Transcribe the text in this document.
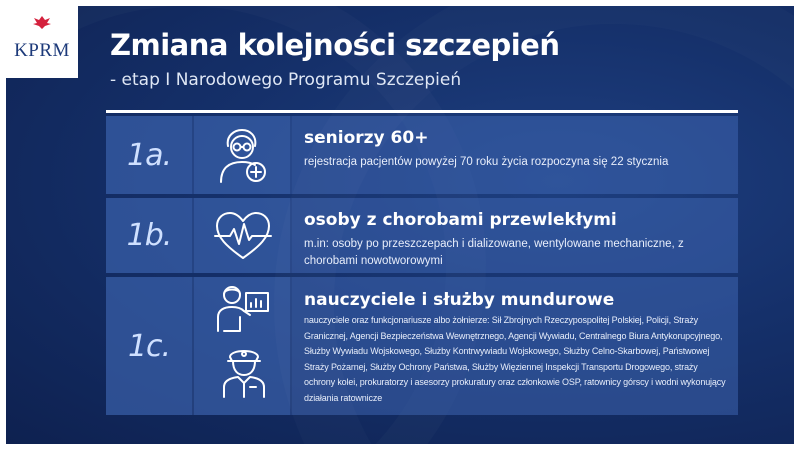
KPRM Zmiana kolejności szczepień
- etap I Narodowego Programu Szczepień
1a.	seniorzy 60+

rejestracja pacjentów powyżej 70 roku życia rozpoczyna się 22 stycznia

1b.	osoby z chorobami przewlekłymi

m.in: osoby po przeszczepach i dializowane, wentylowane mechaniczne, z chorobami nowotworowymi

1c.
nauczyciele i służby mundurowe

nauczyciele oraz funkcjonariusze albo żołnierze: Sił Zbrojnych Rzeczypospolitej Polskiej, Policji, Straży Granicznej, Agencji Bezpieczeństwa Wewnętrznego, Agencji Wywiadu, Centralnego Biura Antykorupcyjnego, Służby Wywiadu Wojskowego, Służby Kontrwywiadu Wojskowego, Służby Celno-Skarbowej, Państwowej Straży Pożarnej, Służby Ochrony Państwa, Służby Więziennej Inspekcji Transportu Drogowego, straży ochrony kolei, prokuratorzy i asesorzy prokuratury oraz członkowie OSP, ratownicy górscy i wodni wykonujący działania ratownicze
